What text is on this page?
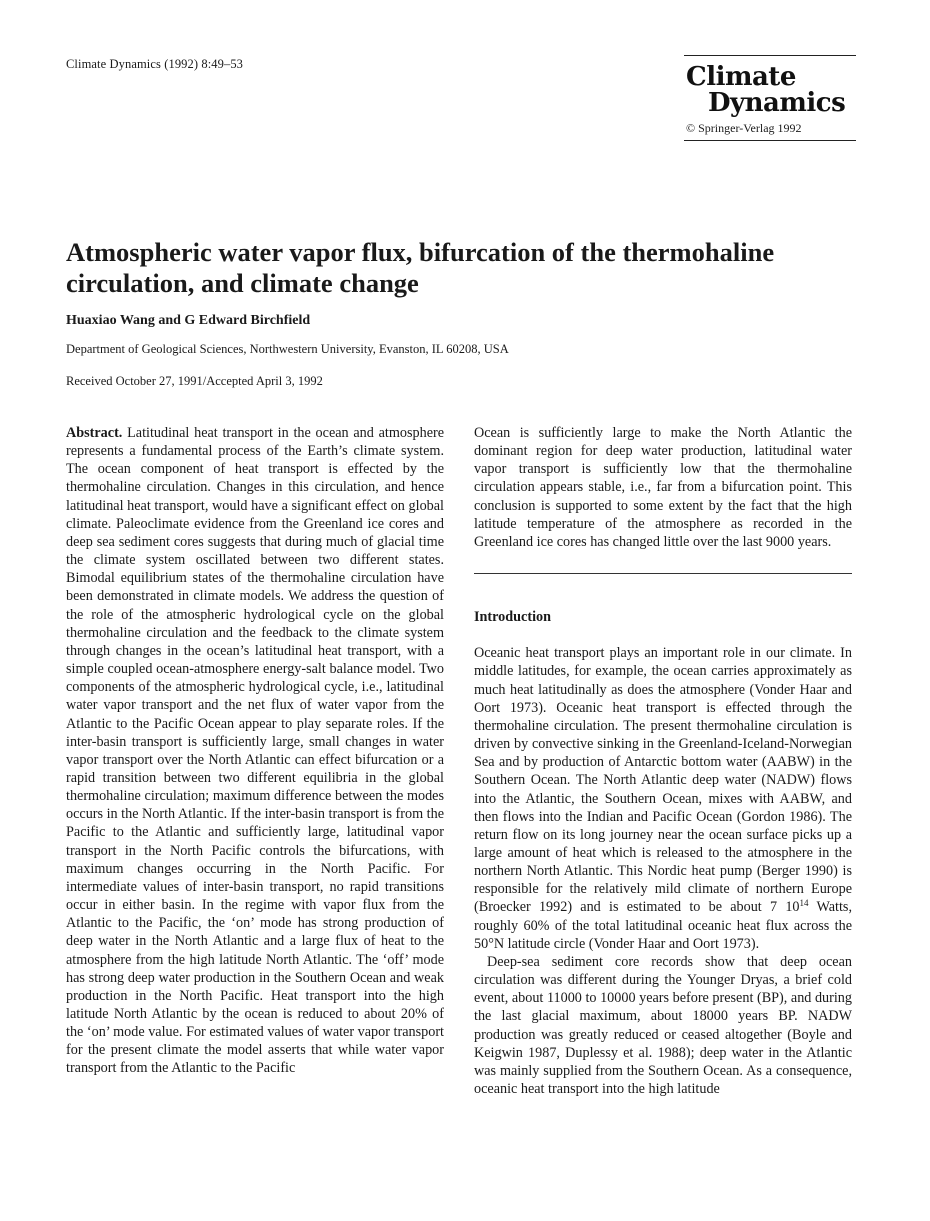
Climate Dynamics (1992) 8:49–53	Climate
Dynamics
© Springer-Verlag 1992
Atmospheric water vapor flux, bifurcation of the thermohaline circulation, and climate change
Huaxiao Wang and G Edward Birchfield
Department of Geological Sciences, Northwestern University, Evanston, IL 60208, USA
Received October 27, 1991/Accepted April 3, 1992

Abstract. Latitudinal heat transport in the ocean and atmosphere represents a fundamental process of the Earth’s climate system. The ocean component of heat transport is effected by the thermohaline circulation. Changes in this circulation, and hence latitudinal heat transport, would have a significant effect on global climate. Paleoclimate evidence from the Greenland ice cores and deep sea sediment cores suggests that during much of glacial time the climate system oscillated between two different states. Bimodal equilibrium states of the thermohaline circulation have been demonstrated in climate models. We address the question of the role of the atmospheric hydrological cycle on the global thermohaline circulation and the feedback to the climate system through changes in the ocean’s latitudinal heat transport, with a simple coupled ocean-atmosphere energy-salt balance model. Two components of the atmospheric hydrological cycle, i.e., latitudinal water vapor transport and the net flux of water vapor from the Atlantic to the Pacific Ocean appear to play separate roles. If the inter-basin transport is sufficiently large, small changes in water vapor transport over the North Atlantic can effect bifurcation or a rapid transition between two different equilibria in the global thermohaline circulation; maximum difference between the modes occurs in the North Atlantic. If the inter-basin transport is from the Pacific to the Atlantic and sufficiently large, latitudinal vapor transport in the North Pacific controls the bifurcations, with maximum changes occurring in the North Pacific. For intermediate values of inter-basin transport, no rapid transitions occur in either basin. In the regime with vapor flux from the Atlantic to the Pacific, the ‘on’ mode has strong production of deep water in the North Atlantic and a large flux of heat to the atmosphere from the high latitude North Atlantic. The ‘off’ mode has strong deep water production in the Southern Ocean and weak production in the North Pacific. Heat transport into the high latitude North Atlantic by the ocean is reduced to about 20% of the ‘on’ mode value. For estimated values of water vapor transport for the present climate the model asserts that while water vapor transport from the Atlantic to the Pacific

Ocean is sufficiently large to make the North Atlantic the dominant region for deep water production, latitudinal water vapor transport is sufficiently low that the thermohaline circulation appears stable, i.e., far from a bifurcation point. This conclusion is supported to some extent by the fact that the high latitude temperature of the atmosphere as recorded in the Greenland ice cores has changed little over the last 9000 years.

Introduction

Oceanic heat transport plays an important role in our climate. In middle latitudes, for example, the ocean carries approximately as much heat latitudinally as does the atmosphere (Vonder Haar and Oort 1973). Oceanic heat transport is effected through the thermohaline circulation. The present thermohaline circulation is driven by convective sinking in the Greenland-Iceland-Norwegian Sea and by production of Antarctic bottom water (AABW) in the Southern Ocean. The North Atlantic deep water (NADW) flows into the Atlantic, the Southern Ocean, mixes with AABW, and then flows into the Indian and Pacific Ocean (Gordon 1986). The return flow on its long journey near the ocean surface picks up a large amount of heat which is released to the atmosphere in the northern North Atlantic. This Nordic heat pump (Berger 1990) is responsible for the relatively mild climate of northern Europe (Broecker 1992) and is estimated to be about 7 $10^{14}$ Watts, roughly 60% of the total latitudinal oceanic heat flux across the 50°N latitude circle (Vonder Haar and Oort 1973).

Deep-sea sediment core records show that deep ocean circulation was different during the Younger Dryas, a brief cold event, about 11000 to 10000 years before present (BP), and during the last glacial maximum, about 18000 years BP. NADW production was greatly reduced or ceased altogether (Boyle and Keigwin 1987, Duplessy et al. 1988); deep water in the Atlantic was mainly supplied from the Southern Ocean. As a consequence, oceanic heat transport into the high latitude
